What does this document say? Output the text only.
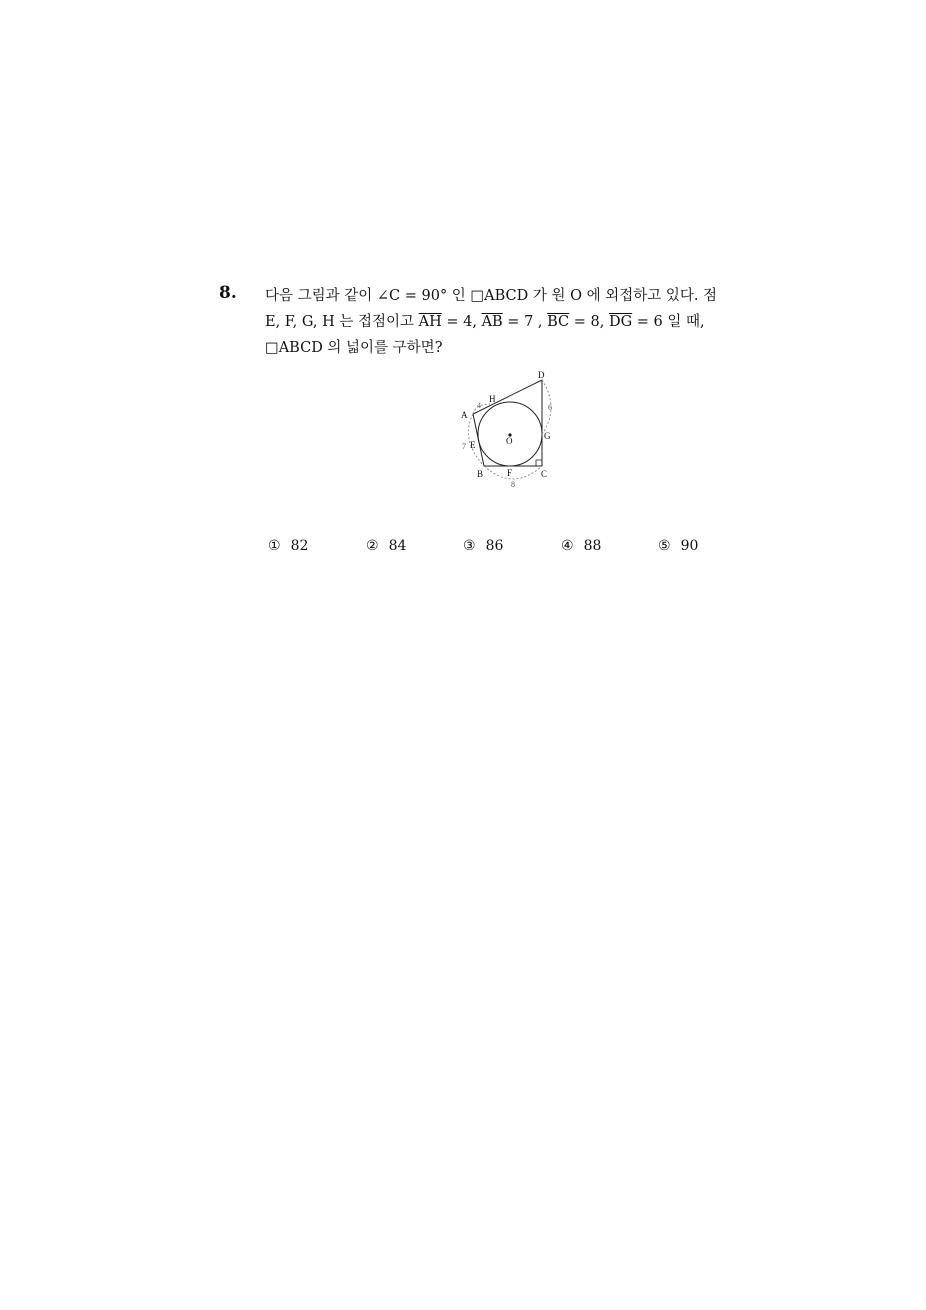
8. 다음 그림과 같이 ∠C = 90° 인 □ABCD 가 원 O 에 외접하고 있다. 점
E, F, G, H 는 접점이고 $\overline{AH} = 4$, $\overline{AB} = 7$ , $\overline{BC} = 8$, $\overline{DG} = 6$ 일 때,
□ABCD 의 넓이를 구하면?
D
H
A
E	O	G
B	F	C
4
7
8
6
① 82	② 84	③ 86	④ 88	⑤ 90
